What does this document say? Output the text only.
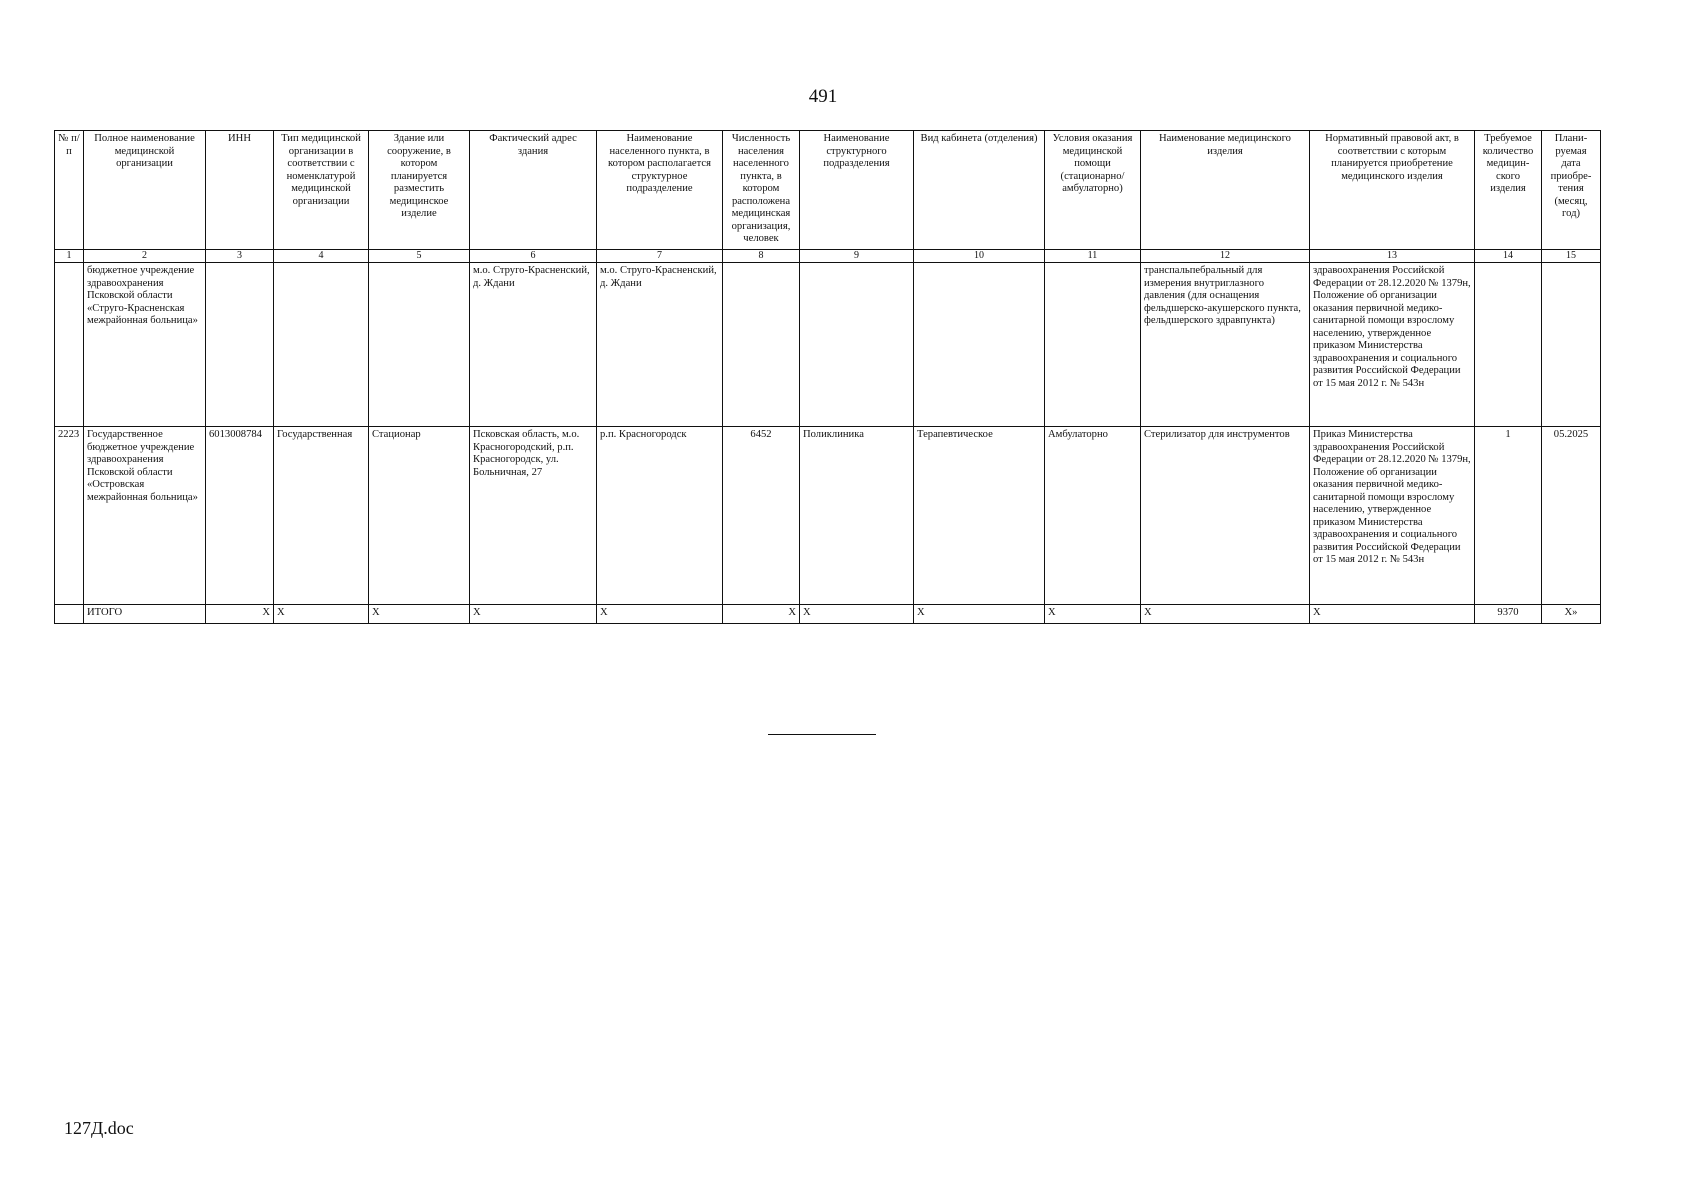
491
№ п/п	Полное наименование медицинской организации	ИНН	Тип медицинской организации в соответствии с номенклатурой медицинской организации	Здание или сооружение, в котором планируется разместить медицинское изделие	Фактический адрес здания	Наименование населенного пункта, в котором располагается структурное подразделение	Численность населения населенного пункта, в котором расположена медицинская организация, человек	Наименование структурного подразделения	Вид кабинета (отделения)	Условия оказания медицинской помощи (стационарно/ амбулаторно)	Наименование медицинского изделия	Нормативный правовой акт, в соответствии с которым планируется приобретение медицинского изделия	Требуемое количество медицин-ского изделия	Плани-руемая дата приобре-тения (месяц, год)
1	2	3	4	5	6	7	8	9	10	11	12	13	14	15
	бюджетное учреждение здравоохранения Псковской области «Струго-Красненская межрайонная больница»				м.о. Струго-Красненский, д. Ждани	м.о. Струго-Красненский, д. Ждани					транспальпебральный для измерения внутриглазного давления (для оснащения фельдшерско-акушерского пункта, фельдшерского здравпункта)	здравоохранения Российской Федерации от 28.12.2020 № 1379н, Положение об организации оказания первичной медико-санитарной помощи взрослому населению, утвержденное приказом Министерства здравоохранения и социального развития Российской Федерации от 15 мая 2012 г. № 543н		
2223	Государственное бюджетное учреждение здравоохранения Псковской области «Островская межрайонная больница»	6013008784	Государственная	Стационар	Псковская область, м.о. Красногородский, р.п. Красногородск, ул. Больничная, 27	р.п. Красногородск	6452	Поликлиника	Терапевтическое	Амбулаторно	Стерилизатор для инструментов	Приказ Министерства здравоохранения Российской Федерации от 28.12.2020 № 1379н, Положение об организации оказания первичной медико-санитарной помощи взрослому населению, утвержденное приказом Министерства здравоохранения и социального развития Российской Федерации от 15 мая 2012 г. № 543н	1	05.2025
	ИТОГО	X	X	X	X	X	X	X	X	X	X	X	9370	X»
127Д.doc
